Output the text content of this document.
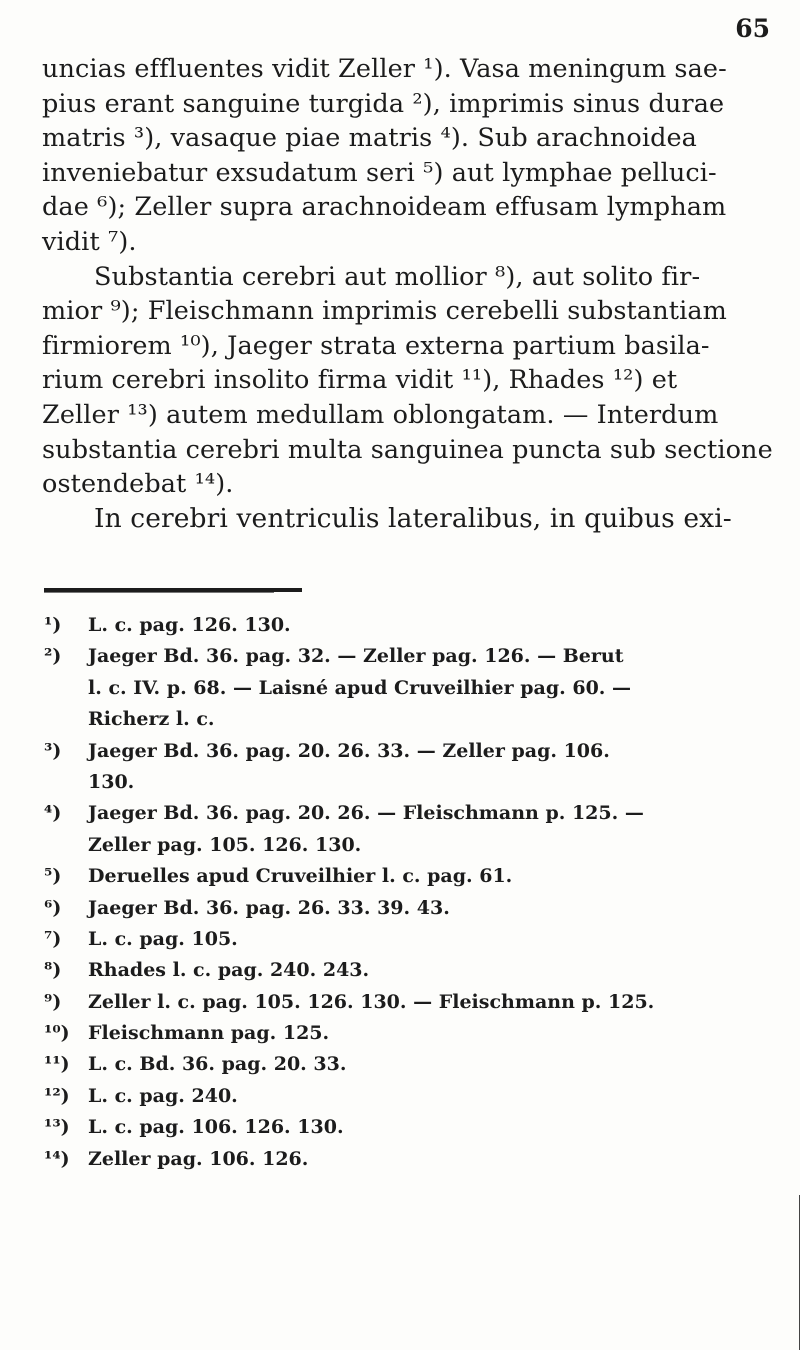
65
uncias effluentes vidit Zeller ¹). Vasa meningum sae-
pius erant sanguine turgida ²), imprimis sinus durae
matris ³), vasaque piae matris ⁴). Sub arachnoidea
inveniebatur exsudatum seri ⁵) aut lymphae pelluci-
dae ⁶); Zeller supra arachnoideam effusam lympham
vidit ⁷).
Substantia cerebri aut mollior ⁸), aut solito fir-
mior ⁹); Fleischmann imprimis cerebelli substantiam
firmiorem ¹⁰), Jaeger strata externa partium basila-
rium cerebri insolito firma vidit ¹¹), Rhades ¹²) et
Zeller ¹³) autem medullam oblongatam. — Interdum
substantia cerebri multa sanguinea puncta sub sectione
ostendebat ¹⁴).
In cerebri ventriculis lateralibus, in quibus exi-
¹) L. c. pag. 126. 130.
²) Jaeger Bd. 36. pag. 32. — Zeller pag. 126. — Berut
l. c. IV. p. 68. — Laisné apud Cruveilhier pag. 60. —
Richerz l. c.
³) Jaeger Bd. 36. pag. 20. 26. 33. — Zeller pag. 106.
130.
⁴) Jaeger Bd. 36. pag. 20. 26. — Fleischmann p. 125. —
Zeller pag. 105. 126. 130.
⁵) Deruelles apud Cruveilhier l. c. pag. 61.
⁶) Jaeger Bd. 36. pag. 26. 33. 39. 43.
⁷) L. c. pag. 105.
⁸) Rhades l. c. pag. 240. 243.
⁹) Zeller l. c. pag. 105. 126. 130. — Fleischmann p. 125.
¹⁰) Fleischmann pag. 125.
¹¹) L. c. Bd. 36. pag. 20. 33.
¹²) L. c. pag. 240.
¹³) L. c. pag. 106. 126. 130.
¹⁴) Zeller pag. 106. 126.
